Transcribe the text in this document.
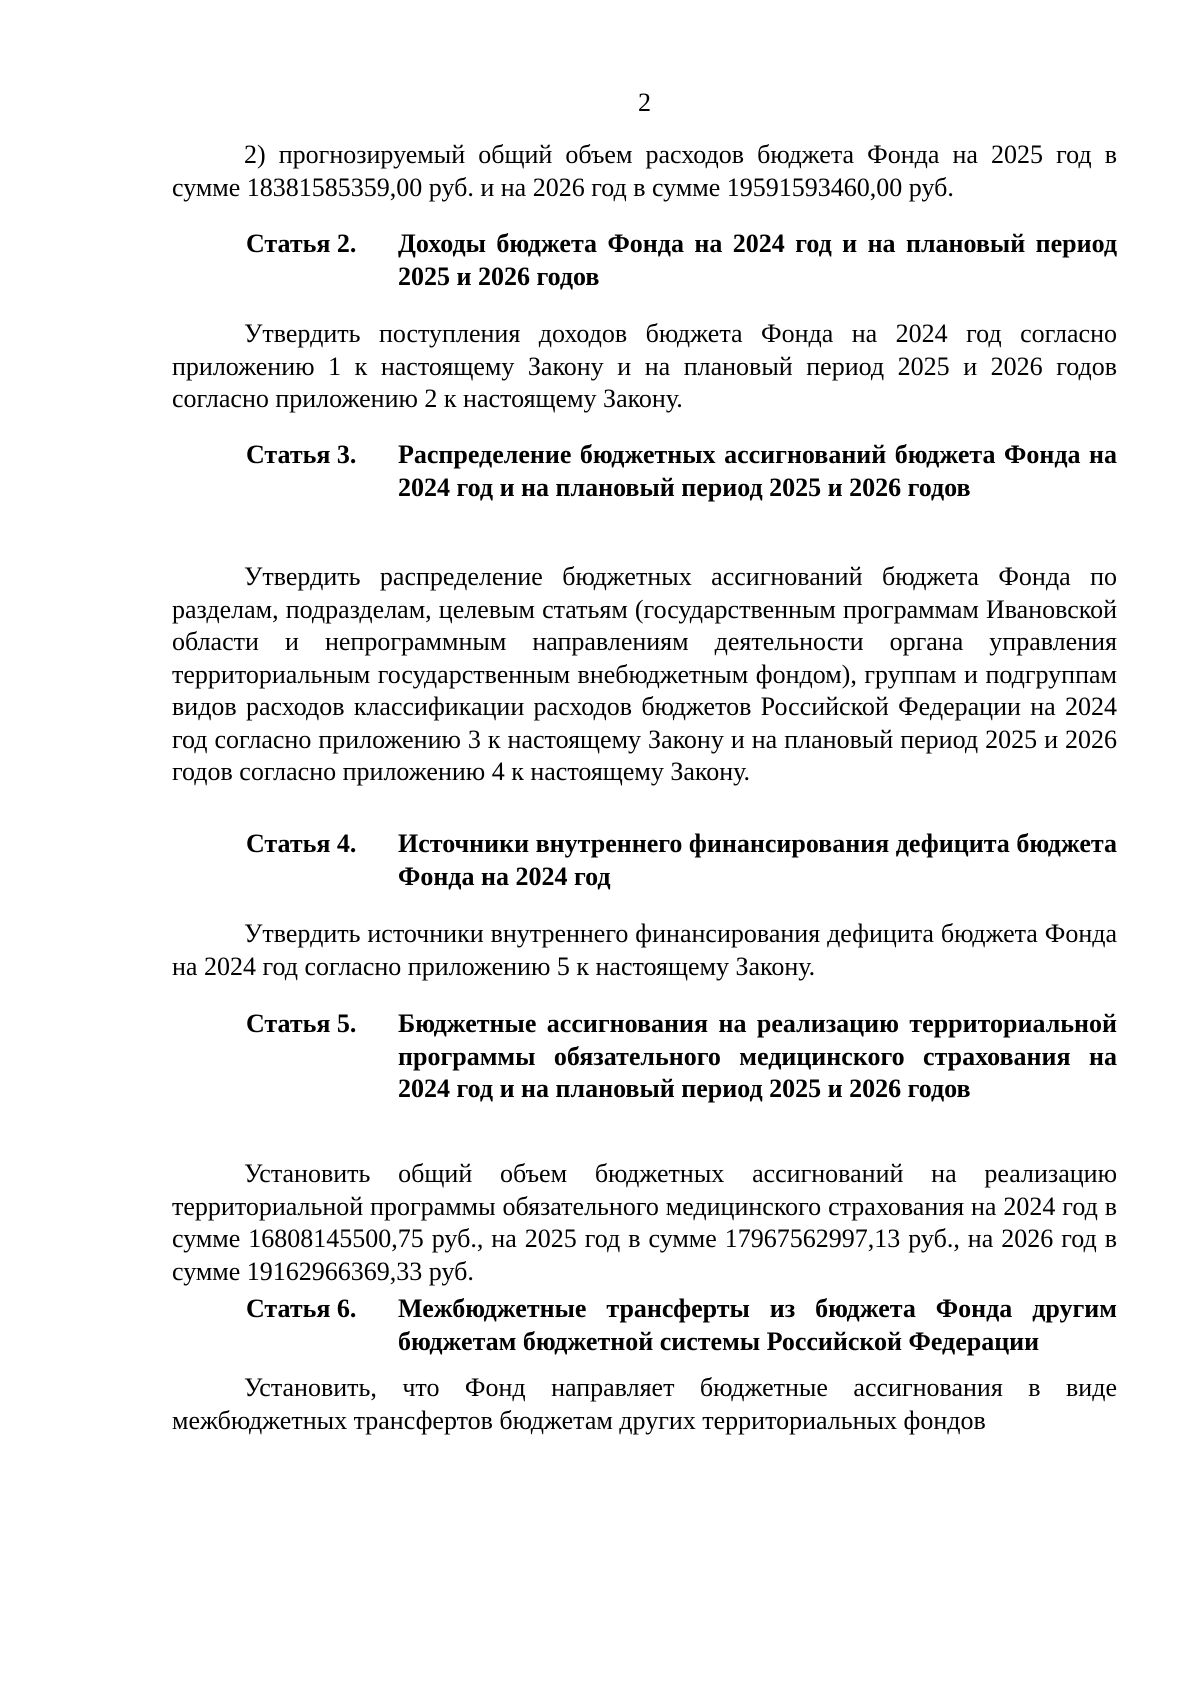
2

2) прогнозируемый общий объем расходов бюджета Фонда на 2025 год в сумме 18381585359,00 руб. и на 2026 год в сумме 19591593460,00 руб.

Статья 2.	Доходы бюджета Фонда на 2024 год и на плановый период 2025 и 2026 годов

Утвердить поступления доходов бюджета Фонда на 2024 год согласно приложению 1 к настоящему Закону и на плановый период 2025 и 2026 годов согласно приложению 2 к настоящему Закону.

Статья 3.	Распределение бюджетных ассигнований бюджета Фонда на 2024 год и на плановый период 2025 и 2026 годов

Утвердить распределение бюджетных ассигнований бюджета Фонда по разделам, подразделам, целевым статьям (государственным программам Ивановской области и непрограммным направлениям деятельности органа управления территориальным государственным внебюджетным фондом), группам и подгруппам видов расходов классификации расходов бюджетов Российской Федерации на 2024 год согласно приложению 3 к настоящему Закону и на плановый период 2025 и 2026 годов согласно приложению 4 к настоящему Закону.

Статья 4.	Источники внутреннего финансирования дефицита бюджета Фонда на 2024 год

Утвердить источники внутреннего финансирования дефицита бюджета Фонда на 2024 год согласно приложению 5 к настоящему Закону.

Статья 5.	Бюджетные ассигнования на реализацию территориальной программы обязательного медицинского страхования на 2024 год и на плановый период 2025 и 2026 годов

Установить общий объем бюджетных ассигнований на реализацию территориальной программы обязательного медицинского страхования на 2024 год в сумме 16808145500,75 руб., на 2025 год в сумме 17967562997,13 руб., на 2026 год в сумме 19162966369,33 руб.

Статья 6.	Межбюджетные трансферты из бюджета Фонда другим бюджетам бюджетной системы Российской Федерации

Установить, что Фонд направляет бюджетные ассигнования в виде межбюджетных трансфертов бюджетам других территориальных фондов
